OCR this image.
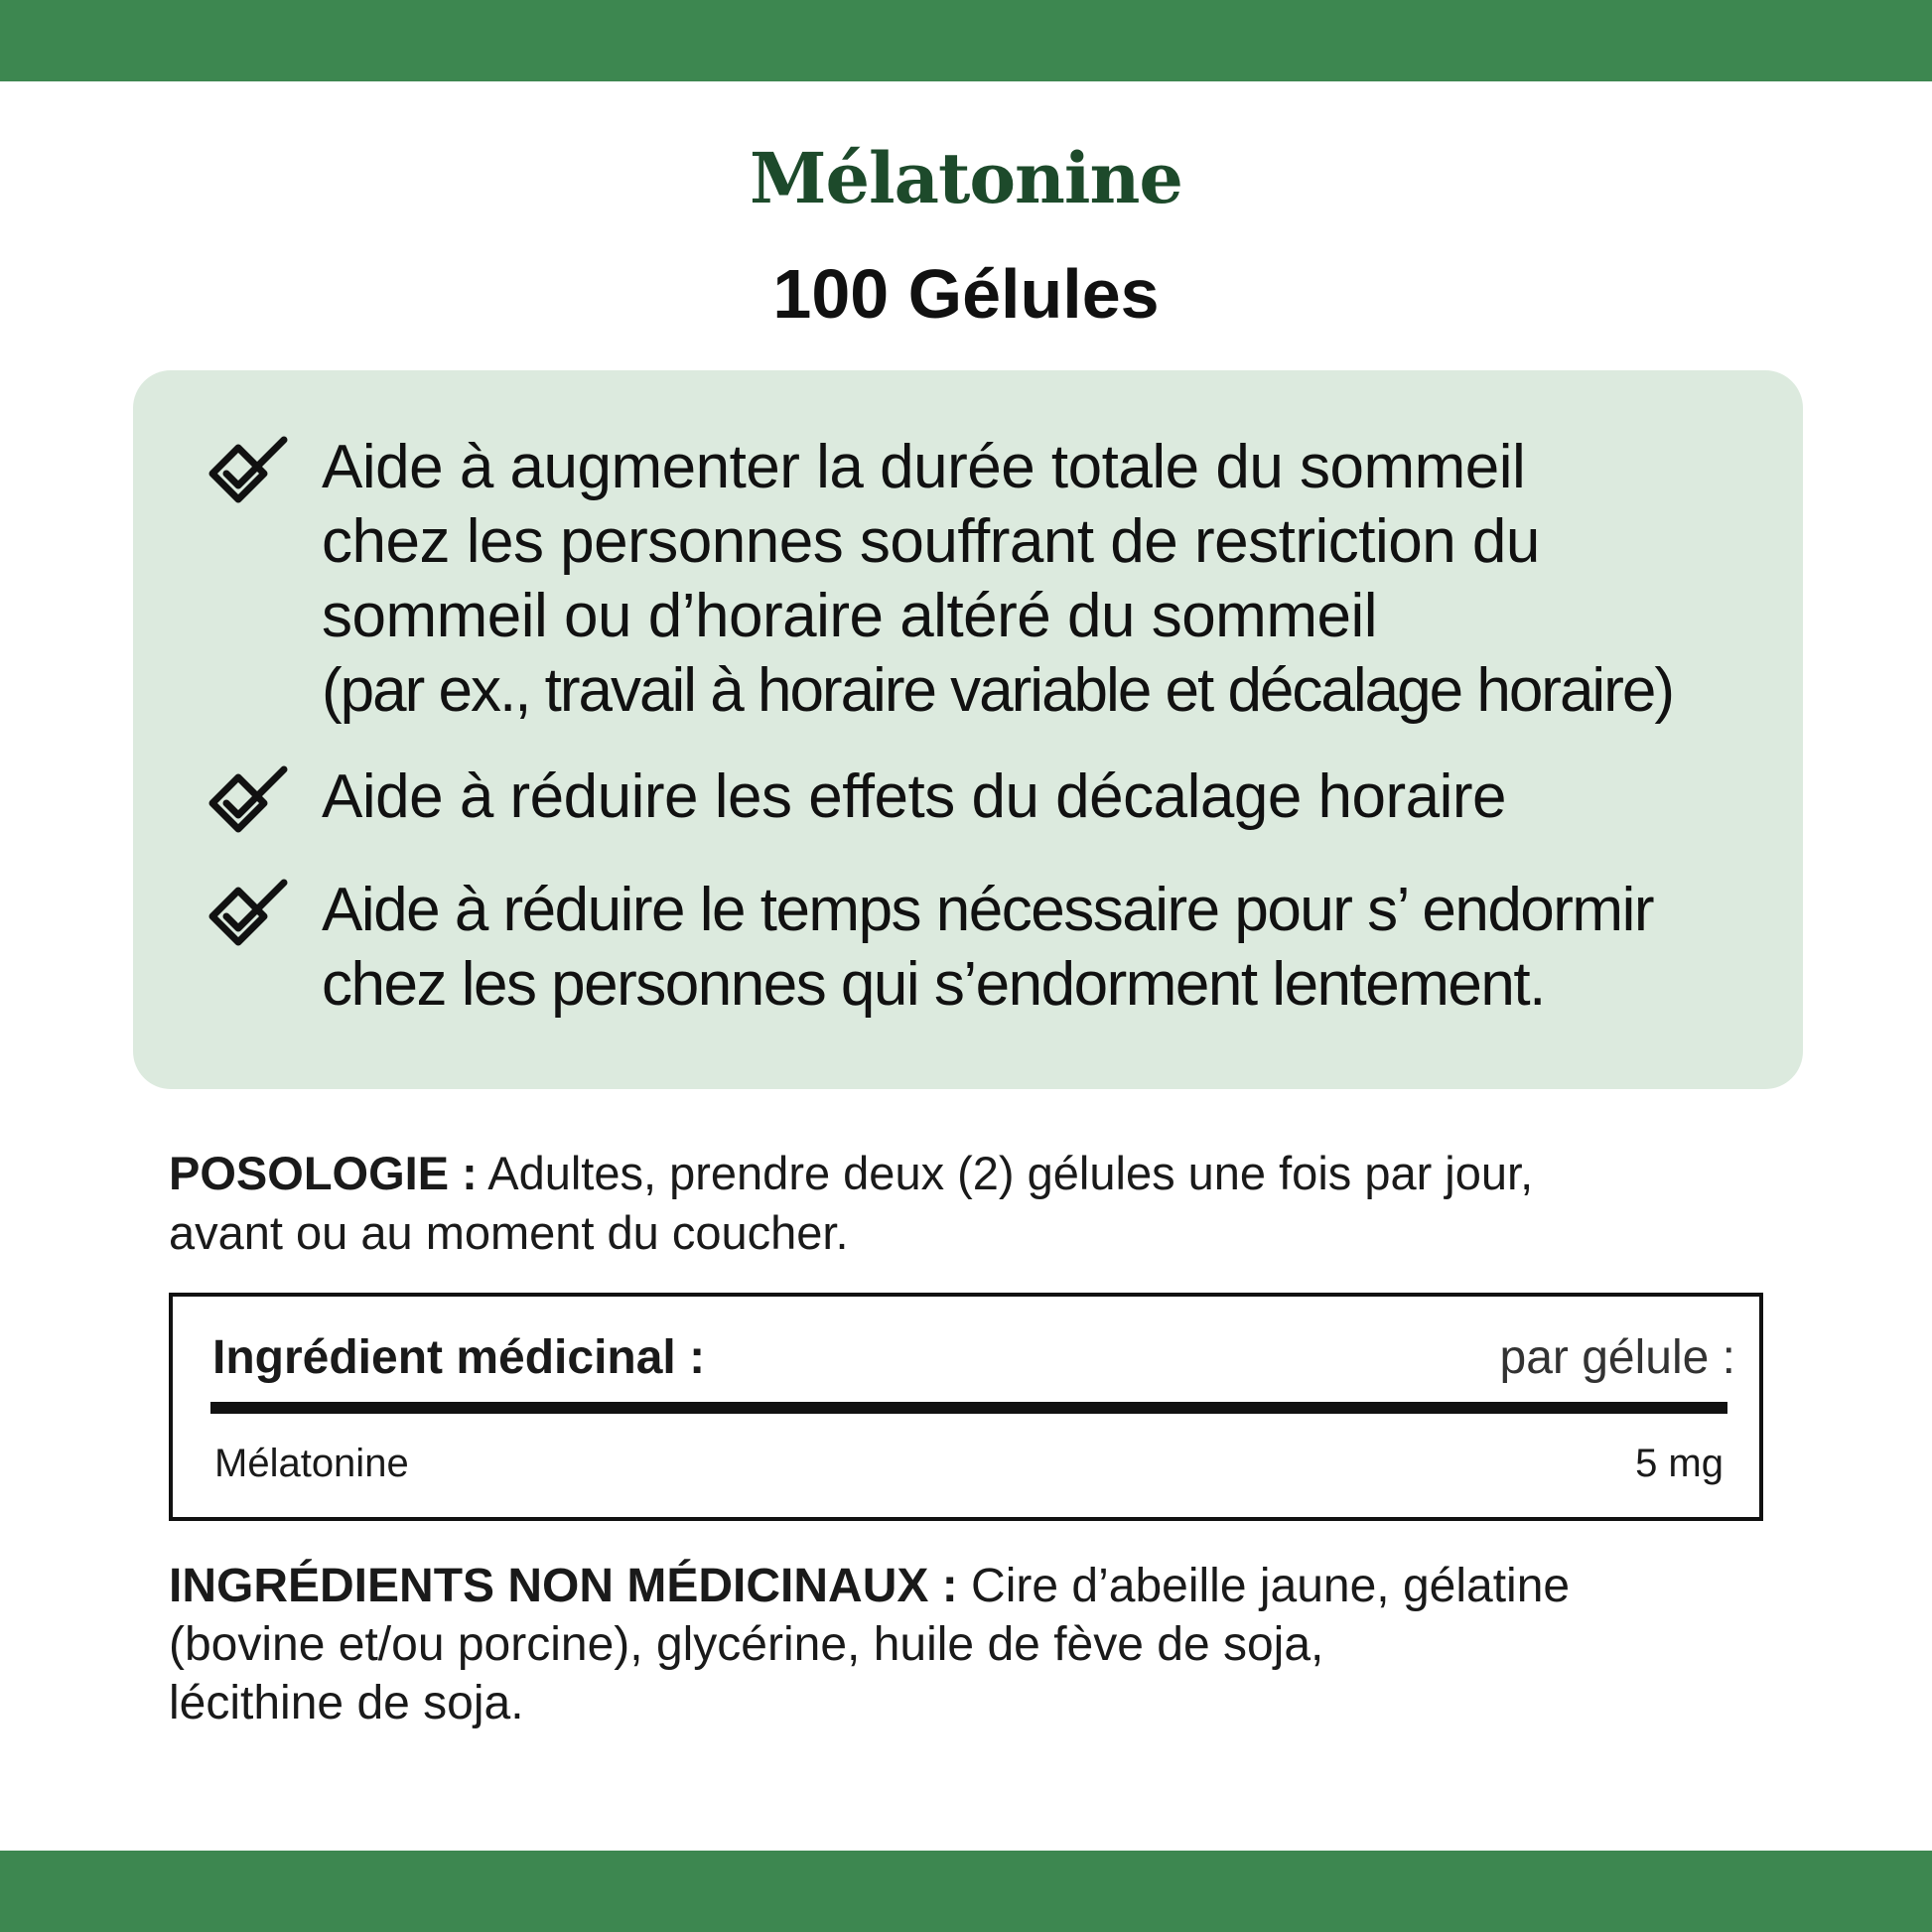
Mélatonine
100 Gélules
Aide à augmenter la durée totale du sommeil
chez les personnes souffrant de restriction du
sommeil ou d’horaire altéré du sommeil
(par ex., travail à horaire variable et décalage horaire)
Aide à réduire les effets du décalage horaire
Aide à réduire le temps nécessaire pour s’ endormir
chez les personnes qui s’endorment lentement.
POSOLOGIE : Adultes, prendre deux (2) gélules une fois par jour,
avant ou au moment du coucher.
Ingrédient médicinal :	par gélule :
Mélatonine	5 mg
INGRÉDIENTS NON MÉDICINAUX : Cire d’abeille jaune, gélatine
(bovine et/ou porcine), glycérine, huile de fève de soja,
lécithine de soja.
